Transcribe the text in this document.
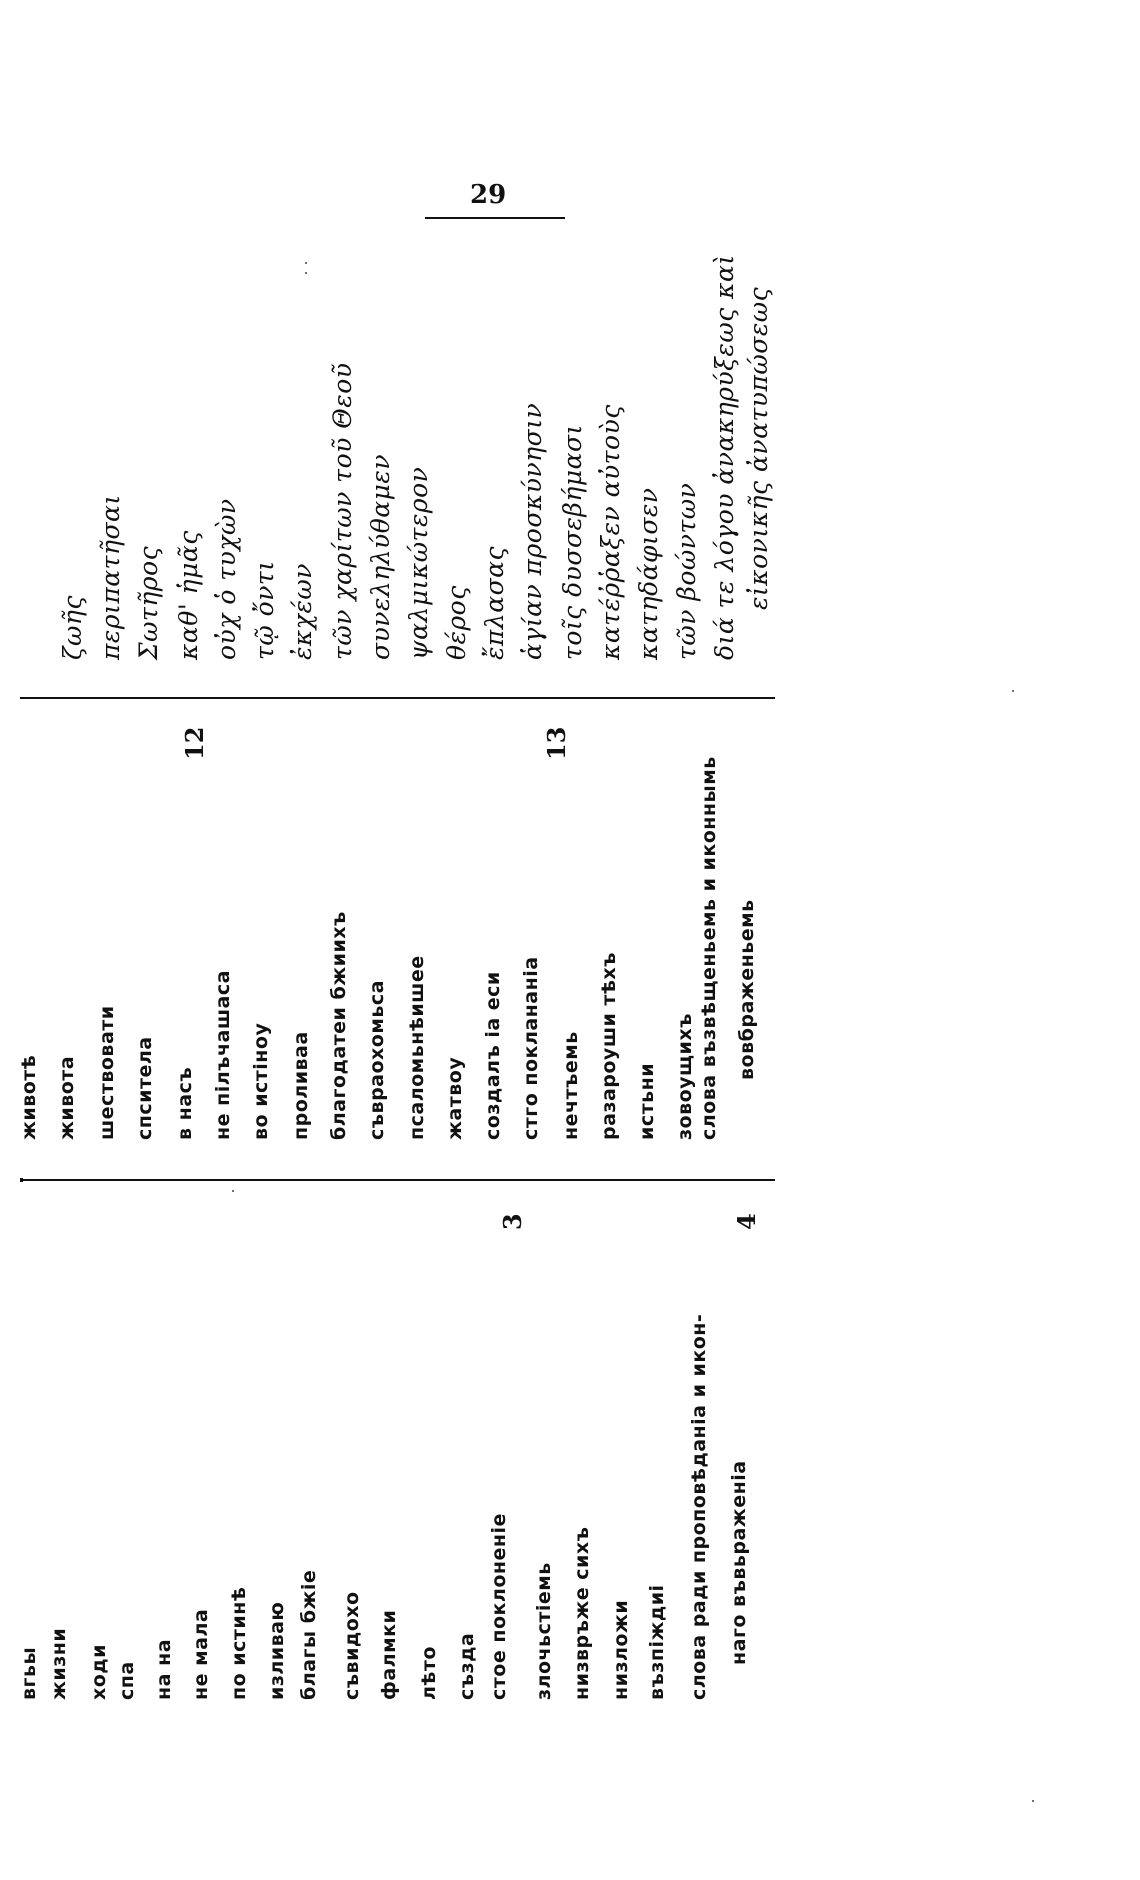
29
вгьы жизни ходи спа на на не мала по истинѣ изливаю благы бжiе	съвидохо фалмки лѣто създа стое поклоненiе	злочьстiемь низвръже сихъ низложи възпiждиi	слова ради проповѣданiа и икон- наго въвьраженiа
3	4
животѣ живота шествовати спсителa в насъ не пiлъчашасa во истiноу проливаа благодатеи бжиихъ съвраохомьсa псаломьнѣишее жатвоу создалъ iа еси стго покланaнiа нечтъемь разароуши тѣхъ истьни зовоущихъ слова възвѣщеньемь и иконнымь вовбраженьемь
12	13
ζωῆς περιπατῆσαι Σωτῆρος καθ' ἡμᾶς οὐχ ὁ τυχὼν τῷ ὄντι ἐκχέων τῶν χαρίτων τοῦ Θεοῦ συνεληλύθαμεν ψαλμικώτερον θέρος ἔπλασας ἁγίαν προσκύνησιν τοῖς δυσσεβήμασι κατέῤῥαξεν αὐτοὺς κατηδάφισεν τῶν βοώντων διά τε λόγου ἀνακηρύξεως καὶ εἰκονικῆς ἀνατυπώσεως
